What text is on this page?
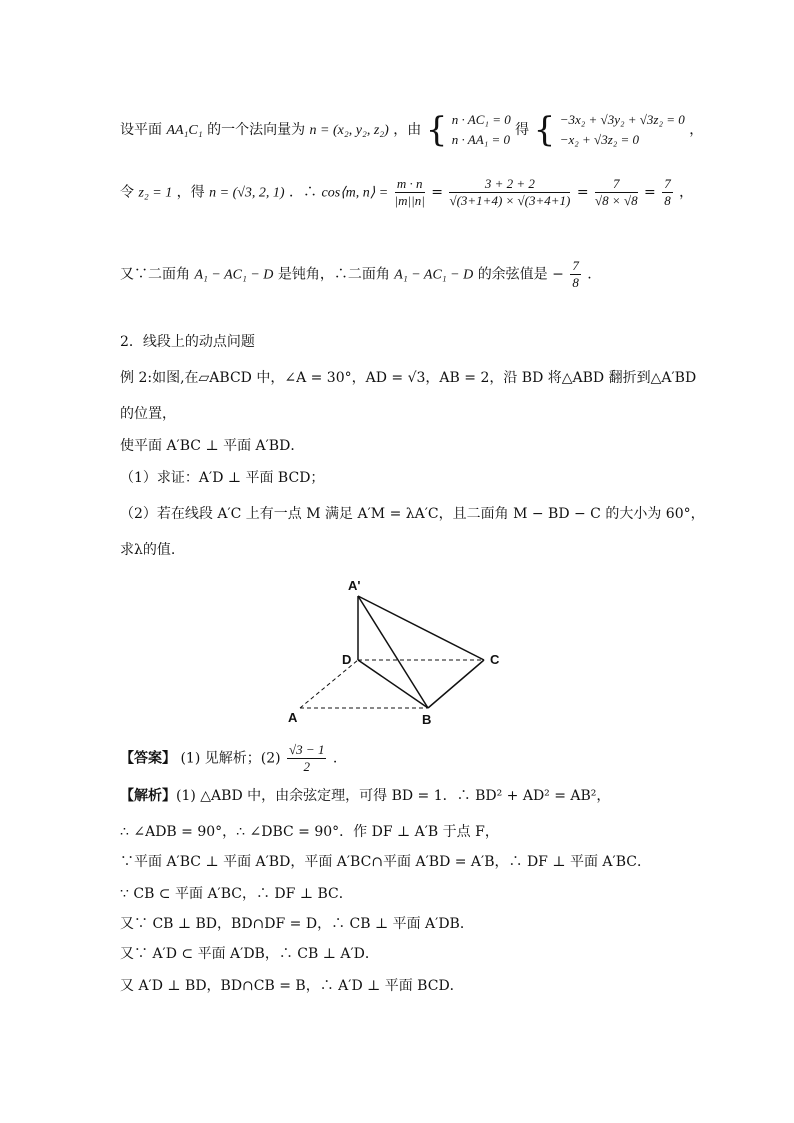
设平面 AA₁C₁ 的一个法向量为 n = (x₂, y₂, z₂) ，由 { n · AC₁ = 0
n · AA₁ = 0
得 { −3x₂ + √3y₂ + √3z₂ = 0
−x₂ + √3z₂ = 0
，
令 z₂ = 1 ，得 n = (√3, 2, 1) ．∴ cos⟨m, n⟩ = $\frac{m \cdot n}{|m||n|} = \frac{3 + 2 + 2}{√(3+1+4) \times √(3+4+1)} = \frac{7}{√8 \times √8} = \frac{7}{8}$ ，
又∵二面角 A₁ − AC₁ − D 是钝角，∴二面角 A₁ − AC₁ − D 的余弦值是 − $\frac{7}{8}$ .
2．线段上的动点问题
例 2:如图,在▱ABCD 中，∠A = 30°，AD = √3，AB = 2，沿 BD 将△ABD 翻折到△A′BD
的位置，
使平面 A′BC ⊥ 平面 A′BD．
（1）求证：A′D ⊥ 平面 BCD；
（2）若在线段 A′C 上有一点 M 满足 A′M = λA′C，且二面角 M − BD − C 的大小为 60°，
求λ的值.
A'
D	C
A	B
【答案】 (1) 见解析；$(2) \frac{√3 - 1}{2}$ .
【解析】(1) △ABD 中，由余弦定理，可得 BD = 1．∴ BD² + AD² = AB²，
∴ ∠ADB = 90°，∴ ∠DBC = 90°．作 DF ⊥ A′B 于点 F，
∵平面 A′BC ⊥ 平面 A′BD，平面 A′BC∩平面 A′BD = A′B，∴ DF ⊥ 平面 A′BC．
∵ CB ⊂ 平面 A′BC，∴ DF ⊥ BC．
又∵ CB ⊥ BD，BD∩DF = D，∴ CB ⊥ 平面 A′DB．
又∵ A′D ⊂ 平面 A′DB，∴ CB ⊥ A′D．
又 A′D ⊥ BD，BD∩CB = B，∴ A′D ⊥ 平面 BCD．
